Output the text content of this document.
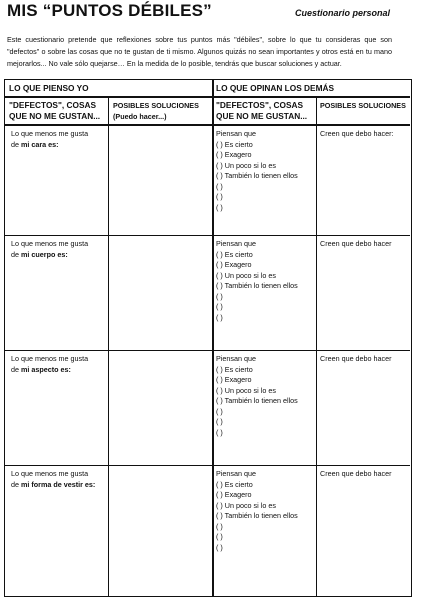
MIS “PUNTOS DÉBILES”	Cuestionario personal
Este cuestionario pretende que reflexiones sobre tus puntos más "débiles", sobre lo que tu consideras que son "defectos" o sobre las cosas que no te gustan de ti mismo. Algunos quizás no sean importantes y otros está en tu mano mejorarlos... No vale sólo quejarse… En la medida de lo posible, tendrás que buscar soluciones y actuar.
LO QUE PIENSO YO	LO QUE OPINAN LOS DEMÁS
"DEFECTOS", COSAS
QUE NO ME GUSTAN...
POSIBLES SOLUCIONES
(Puedo hacer...)
"DEFECTOS", COSAS
QUE NO ME GUSTAN...
POSIBLES SOLUCIONES
Lo que menos me gusta
de mi cara es:
Piensan que
( ) Es cierto
( ) Exagero
( ) Un poco si lo es
( ) También lo tienen ellos
( )
( )
( )
Creen que debo hacer:
Lo que menos me gusta
de mi cuerpo es:
Piensan que
( ) Es cierto
( ) Exagero
( ) Un poco si lo es
( ) También lo tienen ellos
( )
( )
( )
Creen que debo hacer
Lo que menos me gusta
de mi aspecto es:
Piensan que
( ) Es cierto
( ) Exagero
( ) Un poco si lo es
( ) También lo tienen ellos
( )
( )
( )
Creen que debo hacer
Lo que menos me gusta
de mi forma de vestir es:
Piensan que
( ) Es cierto
( ) Exagero
( ) Un poco si lo es
( ) También lo tienen ellos
( )
( )
( )
Creen que debo hacer
